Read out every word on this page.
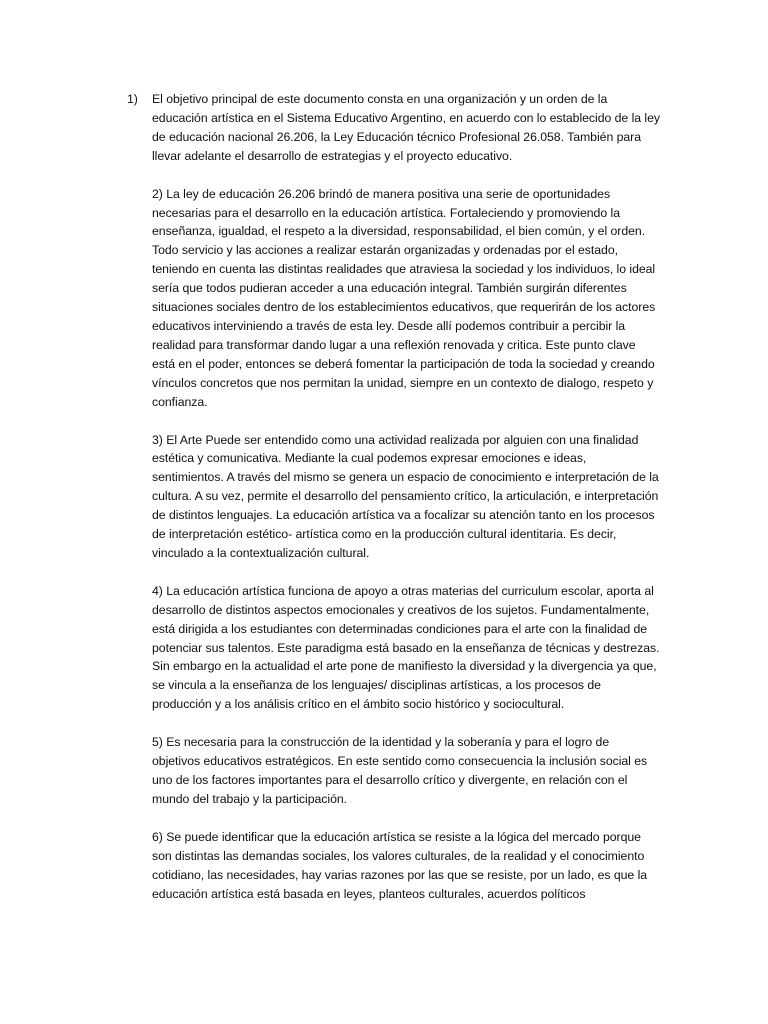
1) El objetivo principal de este documento consta en una organización y un orden de la educación artística en el Sistema Educativo Argentino, en acuerdo con lo establecido de la ley de educación nacional 26.206, la Ley Educación técnico Profesional 26.058. También para llevar adelante el desarrollo de estrategias y el proyecto educativo.

2) La ley de educación 26.206 brindó de manera positiva una serie de oportunidades necesarias para el desarrollo en la educación artística. Fortaleciendo y promoviendo la enseñanza, igualdad, el respeto a la diversidad, responsabilidad, el bien común, y el orden. Todo servicio y las acciones a realizar estarán organizadas y ordenadas por el estado, teniendo en cuenta las distintas realidades que atraviesa la sociedad y los individuos, lo ideal sería que todos pudieran acceder a una educación integral. También surgirán diferentes situaciones sociales dentro de los establecimientos educativos, que requerirán de los actores educativos interviniendo a través de esta ley. Desde allí podemos contribuir a percibir la realidad para transformar dando lugar a una reflexión renovada y critica. Este punto clave está en el poder, entonces se deberá fomentar la participación de toda la sociedad y creando vínculos concretos que nos permitan la unidad, siempre en un contexto de dialogo, respeto y confianza.

3) El Arte Puede ser entendido como una actividad realizada por alguien con una finalidad estética y comunicativa. Mediante la cual podemos expresar emociones e ideas, sentimientos. A través del mismo se genera un espacio de conocimiento e interpretación de la cultura. A su vez, permite el desarrollo del pensamiento crítico, la articulación, e interpretación de distintos lenguajes. La educación artística va a focalizar su atención tanto en los procesos de interpretación estético- artística como en la producción cultural identitaria. Es decir, vinculado a la contextualización cultural.

4) La educación artística funciona de apoyo a otras materias del curriculum escolar, aporta al desarrollo de distintos aspectos emocionales y creativos de los sujetos. Fundamentalmente, está dirigida a los estudiantes con determinadas condiciones para el arte con la finalidad de potenciar sus talentos. Este paradigma está basado en la enseñanza de técnicas y destrezas. Sin embargo en la actualidad el arte pone de manifiesto la diversidad y la divergencia ya que, se vincula a la enseñanza de los lenguajes/ disciplinas artísticas, a los procesos de producción y a los análisis crítico en el ámbito socio histórico y sociocultural.

5) Es necesaria para la construcción de la identidad y la soberanía y para el logro de objetivos educativos estratégicos. En este sentido como consecuencia la inclusión social es uno de los factores importantes para el desarrollo crítico y divergente, en relación con el mundo del trabajo y la participación.

6) Se puede identificar que la educación artística se resiste a la lógica del mercado porque son distintas las demandas sociales, los valores culturales, de la realidad y el conocimiento cotidiano, las necesidades, hay varias razones por las que se resiste, por un lado, es que la educación artística está basada en leyes, planteos culturales, acuerdos políticos
